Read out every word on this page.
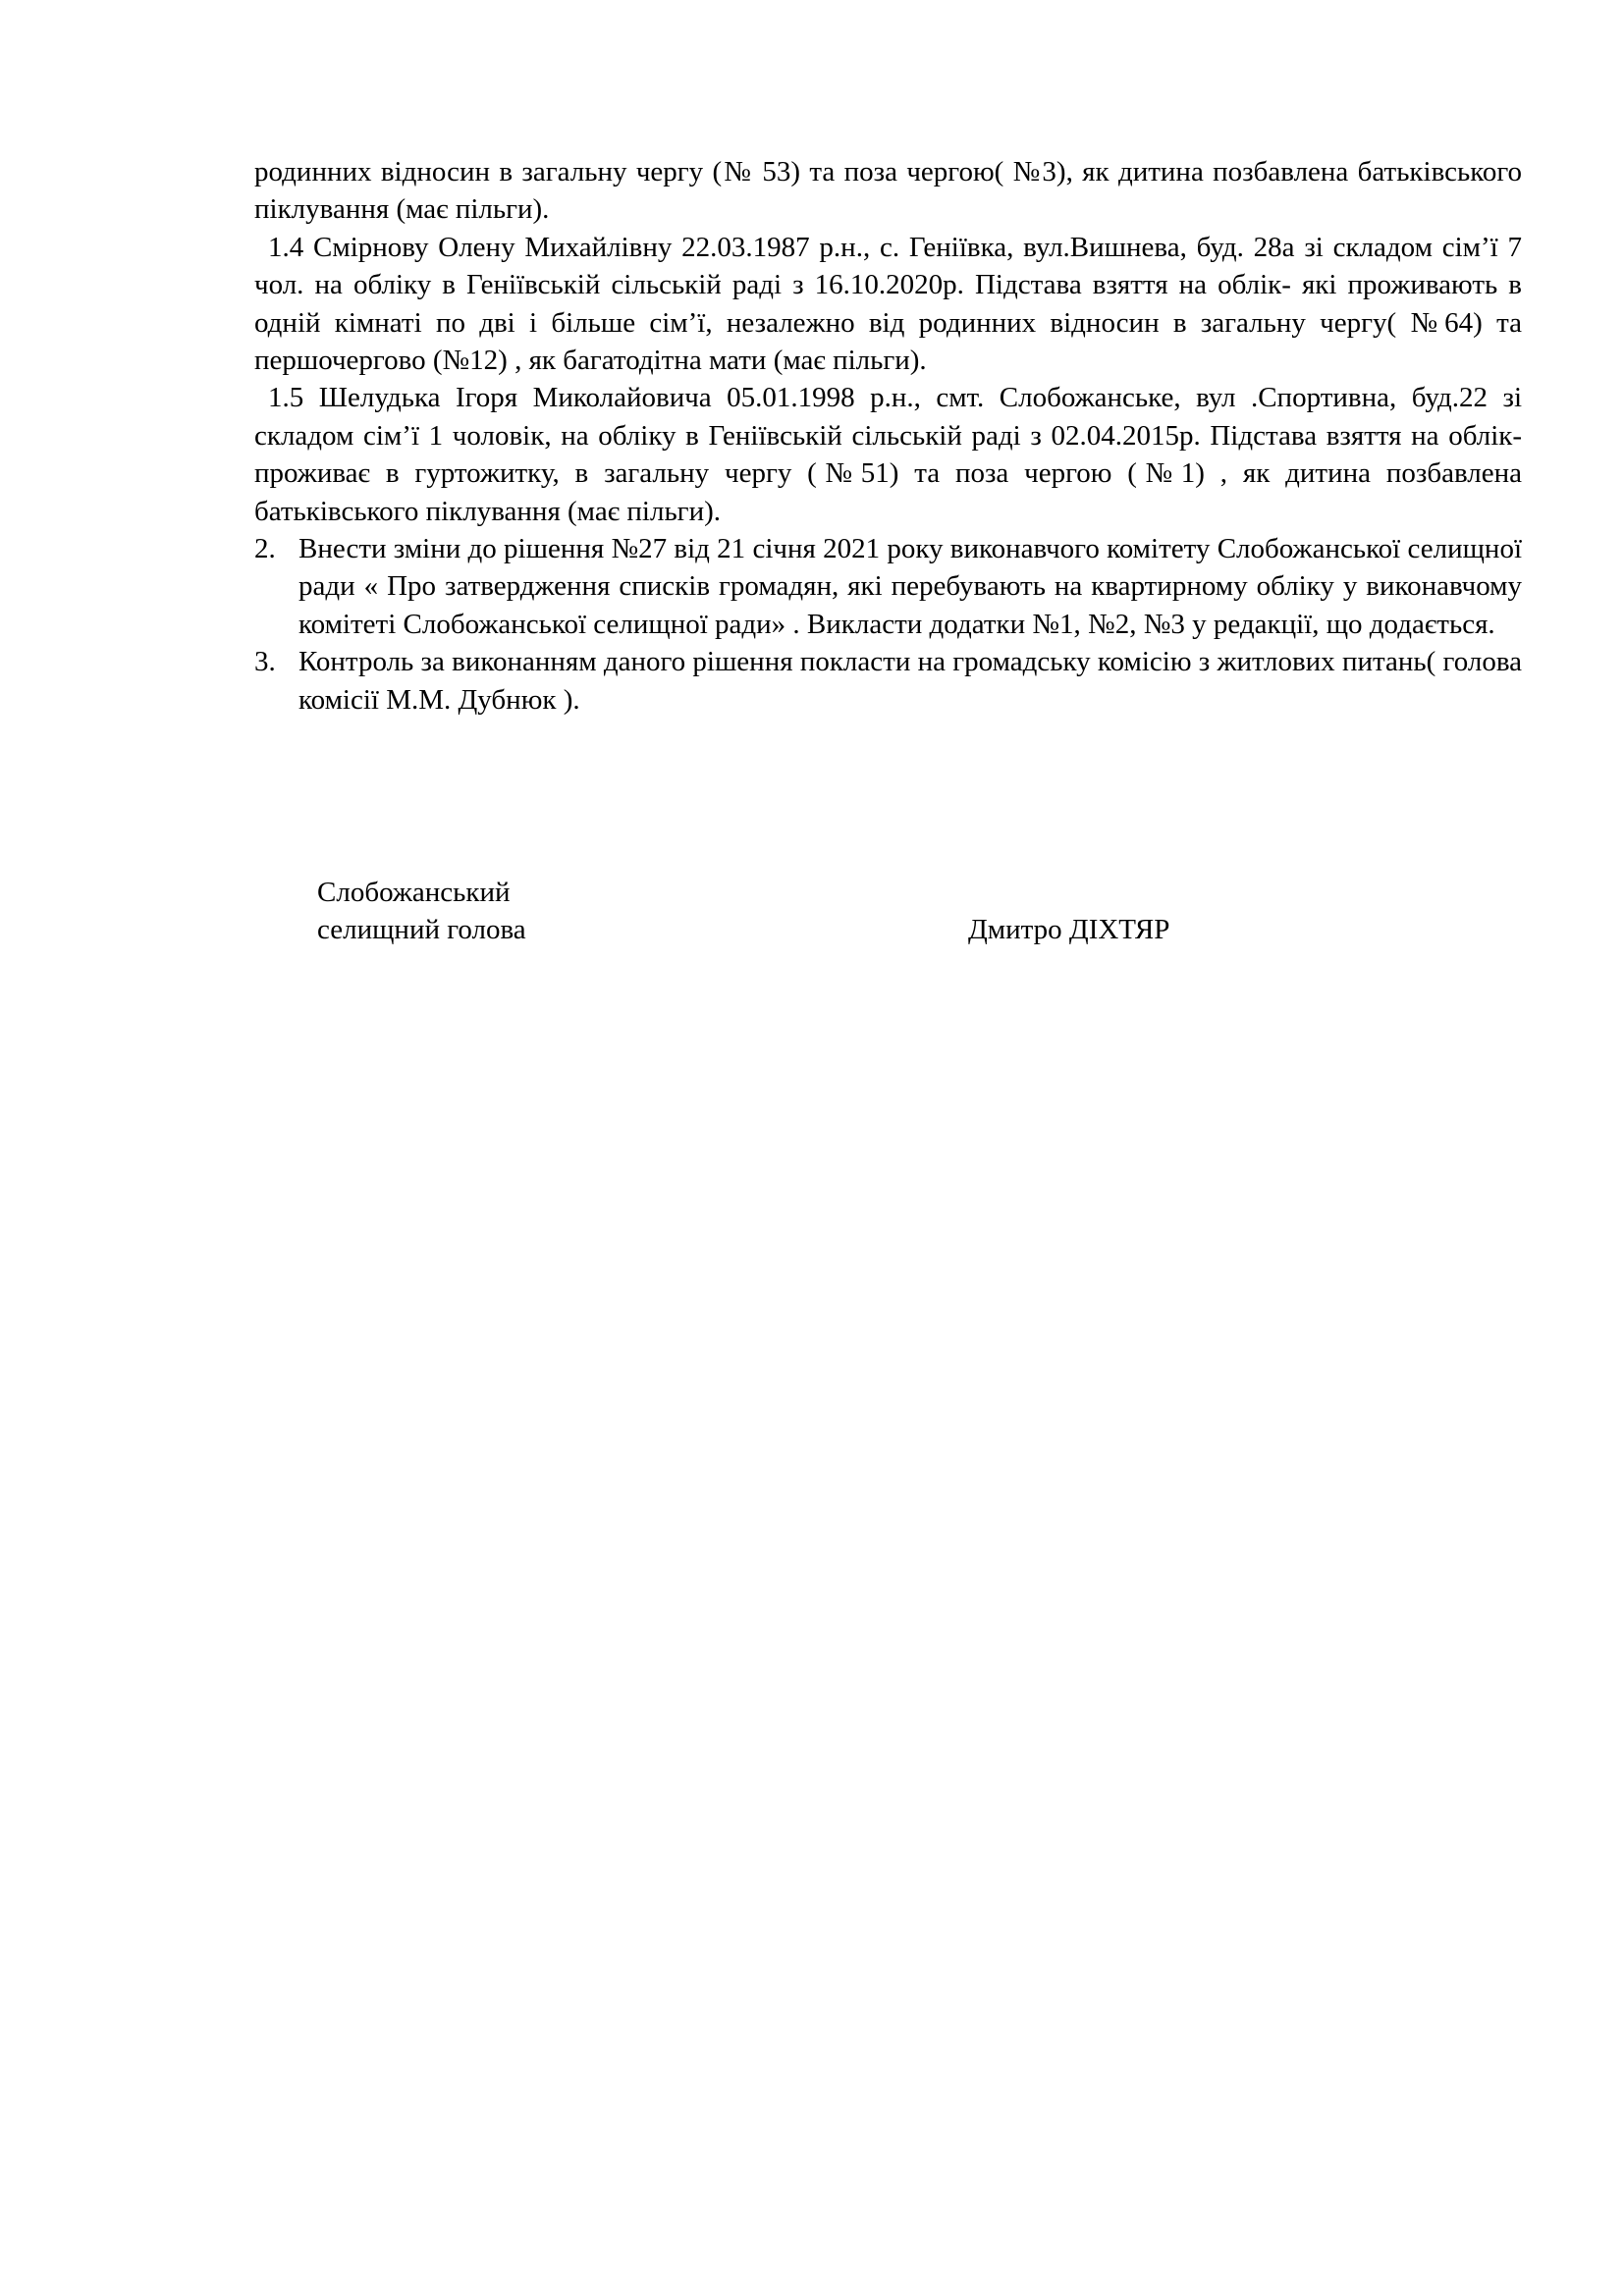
родинних відносин в загальну чергу (№ 53) та поза чергою( №3), як дитина позбавлена батьківського піклування (має пільги).

1.4 Смірнову Олену Михайлівну 22.03.1987 р.н., с. Геніївка, вул.Вишнева, буд. 28а зі складом сім’ї 7 чол. на обліку в Геніївській сільській раді з 16.10.2020р. Підстава взяття на облік- які проживають в одній кімнаті по дві і більше сім’ї, незалежно від родинних відносин в загальну чергу( №64) та першочергово (№12) , як багатодітна мати (має пільги).

1.5 Шелудька Ігоря Миколайовича 05.01.1998 р.н., смт. Слобожанське, вул .Спортивна, буд.22 зі складом сім’ї 1 чоловік, на обліку в Геніївській сільській раді з 02.04.2015р. Підстава взяття на облік- проживає в гуртожитку, в загальну чергу (№51) та поза чергою (№1) , як дитина позбавлена батьківського піклування (має пільги).

2. Внести зміни до рішення №27 від 21 січня 2021 року виконавчого комітету Слобожанської селищної ради « Про затвердження списків громадян, які перебувають на квартирному обліку у виконавчому комітеті Слобожанської селищної ради» . Викласти додатки №1, №2, №3 у редакції, що додається.
3. Контроль за виконанням даного рішення покласти на громадську комісію з житлових питань( голова комісії М.М. Дубнюк ).
Слобожанський
селищний голова	Дмитро ДІХТЯР
